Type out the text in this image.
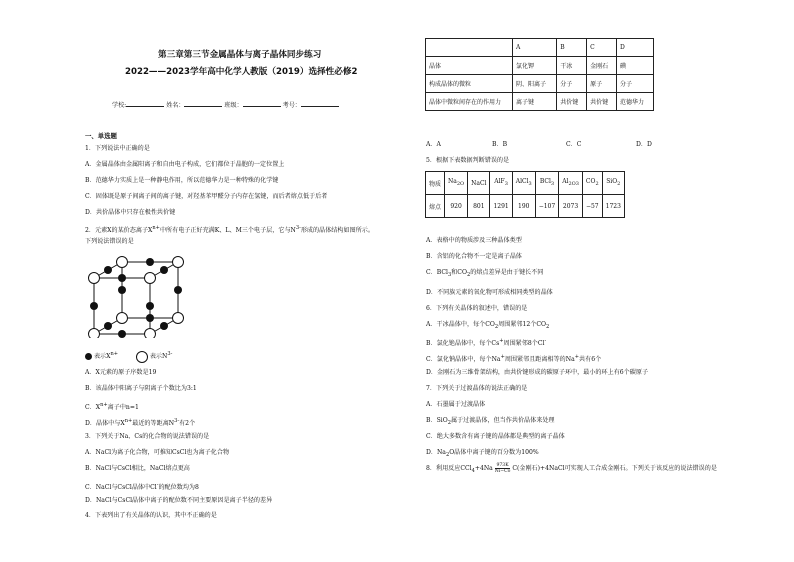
第三章第三节金属晶体与离子晶体同步练习
2022——2023学年高中化学人教版（2019）选择性必修2
学校:	姓名：	班级：	考号：
一、单选题
1．下列说法中正确的是
A．金属晶体由金属阳离子和自由电子构成，它们都位于晶胞的一定位置上
B．范德华力实质上是一种静电作用，所以范德华力是一种特殊的化学键
C．固体既是原子间离子间的离子键，对羟基苯甲醛分子内存在氢键，而后者熔点低于后者
D．共价晶体中只存在极性共价键
2．元素X的某价态离子$X^{n+}$中所有电子正好充满K、L、M三个电子层，它与$N^{3-}$形成的晶体结构如图所示。
下列说法错误的是
表示$X^{n+}$	表示$N^{3-}$
A．X元素的原子序数是19
B．该晶体中阳离子与阴离子个数比为3:1
C．$X^{n+}$离子中n=1
D．晶体中与$X^{n+}$最近的等距离$N^{3-}$有2个
3．下列关于Na、Cs的化合物的说法错误的是
A．NaCl为离子化合物，可推知CsCl也为离子化合物
B．NaCl与CsCl相比，NaCl熔点更高
C．NaCl与CsCl晶体中Cl-的配位数均为8
D．NaCl与CsCl晶体中离子的配位数不同主要原因是离子半径的差异
4．下表列出了有关晶体的认识，其中不正确的是
	A	B	C	D
晶体	氯化钾	干冰	金刚石	碘
构成晶体的微粒	阴、阳离子	分子	原子	分子
晶体中微粒间存在的作用力	离子键	共价键	共价键	范德华力
A．A	B．B	C．C	D．D
5．根据下表数据判断错误的是
物质	$Na_{2O}$	NaCl	AlF$_3$	AlCl$_3$	BCl$_3$	$Al_{2O3}$	$CO_2$	SiO$_2$
熔点	920	801	1291	190	−107	2073	−57	1723
A．表格中的物质涉及三种晶体类型
B．含铝的化合物不一定是离子晶体
C．BCl$_3$和$CO_2$的熔点差异是由于键长不同
D．不同族元素的氧化物可形成相同类型的晶体
6．下列有关晶体的叙述中，错误的是
A．干冰晶体中，每个$CO_2$周围紧邻12个$CO_2$
B．氯化铯晶体中，每个Cs+周围紧邻8个Cl-
C．氯化钠晶体中，每个Na+周围紧邻且距离相等的Na+共有6个
D．金刚石为三维骨架结构，由共价键形成的碳原子环中，最小的环上有6个碳原子
7．下列关于过渡晶体的说法正确的是
A．石墨属于过渡晶体
B．SiO$_2$属于过渡晶体，但当作共价晶体来处理
C．绝大多数含有离子键的晶体都是典型的离子晶体
D．$Na_2O$晶体中离子键的百分数为100%
8．利用反应$CCl_4+4Na \frac{973K}{Ni-Co} C$(金刚石)+4NaCl可实现人工合成金刚石。下列关于该反应的说法错误的是
